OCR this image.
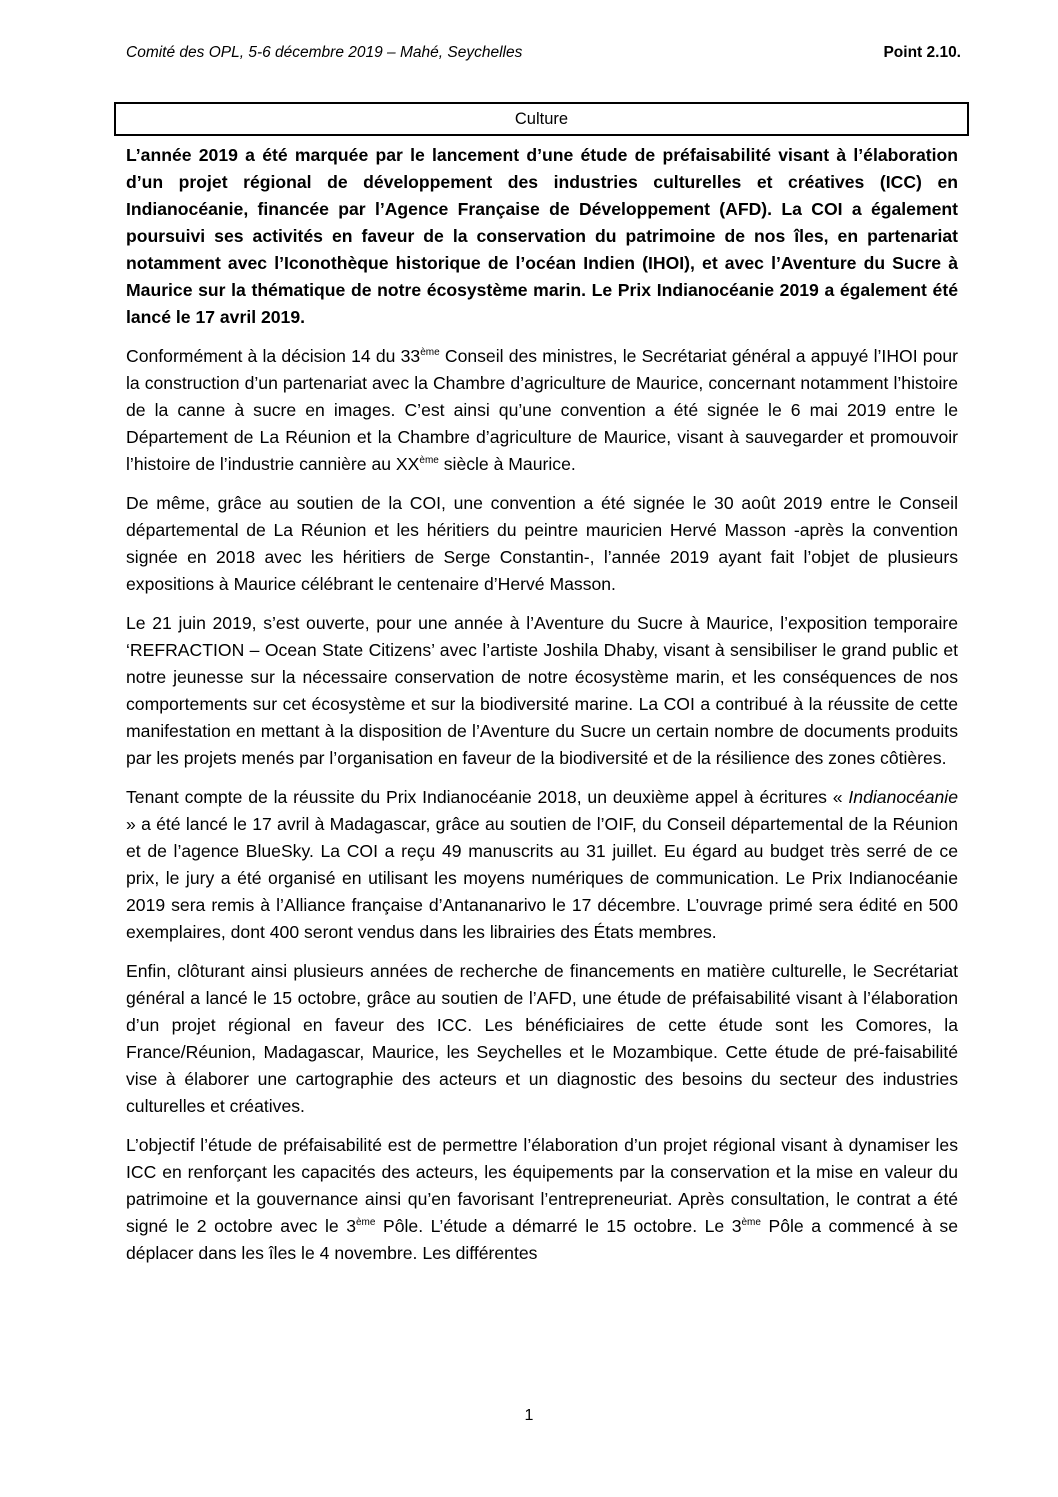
Comité des OPL, 5-6 décembre 2019 – Mahé, Seychelles	Point 2.10.
Culture

L’année 2019 a été marquée par le lancement d’une étude de préfaisabilité visant à l’élaboration d’un projet régional de développement des industries culturelles et créatives (ICC) en Indianocéanie, financée par l’Agence Française de Développement (AFD). La COI a également poursuivi ses activités en faveur de la conservation du patrimoine de nos îles, en partenariat notamment avec l’Iconothèque historique de l’océan Indien (IHOI), et avec l’Aventure du Sucre à Maurice sur la thématique de notre écosystème marin. Le Prix Indianocéanie 2019 a également été lancé le 17 avril 2019.

Conformément à la décision 14 du 33ème Conseil des ministres, le Secrétariat général a appuyé l’IHOI pour la construction d’un partenariat avec la Chambre d’agriculture de Maurice, concernant notamment l’histoire de la canne à sucre en images. C’est ainsi qu’une convention a été signée le 6 mai 2019 entre le Département de La Réunion et la Chambre d’agriculture de Maurice, visant à sauvegarder et promouvoir l’histoire de l’industrie cannière au XXème siècle à Maurice.

De même, grâce au soutien de la COI, une convention a été signée le 30 août 2019 entre le Conseil départemental de La Réunion et les héritiers du peintre mauricien Hervé Masson -après la convention signée en 2018 avec les héritiers de Serge Constantin-, l’année 2019 ayant fait l’objet de plusieurs expositions à Maurice célébrant le centenaire d’Hervé Masson.

Le 21 juin 2019, s’est ouverte, pour une année à l’Aventure du Sucre à Maurice, l’exposition temporaire ‘REFRACTION – Ocean State Citizens’ avec l’artiste Joshila Dhaby, visant à sensibiliser le grand public et notre jeunesse sur la nécessaire conservation de notre écosystème marin, et les conséquences de nos comportements sur cet écosystème et sur la biodiversité marine. La COI a contribué à la réussite de cette manifestation en mettant à la disposition de l’Aventure du Sucre un certain nombre de documents produits par les projets menés par l’organisation en faveur de la biodiversité et de la résilience des zones côtières.

Tenant compte de la réussite du Prix Indianocéanie 2018, un deuxième appel à écritures « Indianocéanie » a été lancé le 17 avril à Madagascar, grâce au soutien de l’OIF, du Conseil départemental de la Réunion et de l’agence BlueSky. La COI a reçu 49 manuscrits au 31 juillet. Eu égard au budget très serré de ce prix, le jury a été organisé en utilisant les moyens numériques de communication. Le Prix Indianocéanie 2019 sera remis à l’Alliance française d’Antananarivo le 17 décembre. L’ouvrage primé sera édité en 500 exemplaires, dont 400 seront vendus dans les librairies des États membres.

Enfin, clôturant ainsi plusieurs années de recherche de financements en matière culturelle, le Secrétariat général a lancé le 15 octobre, grâce au soutien de l’AFD, une étude de préfaisabilité visant à l’élaboration d’un projet régional en faveur des ICC. Les bénéficiaires de cette étude sont les Comores, la France/Réunion, Madagascar, Maurice, les Seychelles et le Mozambique. Cette étude de pré-faisabilité vise à élaborer une cartographie des acteurs et un diagnostic des besoins du secteur des industries culturelles et créatives.

L’objectif l’étude de préfaisabilité est de permettre l’élaboration d’un projet régional visant à dynamiser les ICC en renforçant les capacités des acteurs, les équipements par la conservation et la mise en valeur du patrimoine et la gouvernance ainsi qu’en favorisant l’entrepreneuriat. Après consultation, le contrat a été signé le 2 octobre avec le 3ème Pôle. L’étude a démarré le 15 octobre. Le 3ème Pôle a commencé à se déplacer dans les îles le 4 novembre. Les différentes

1
